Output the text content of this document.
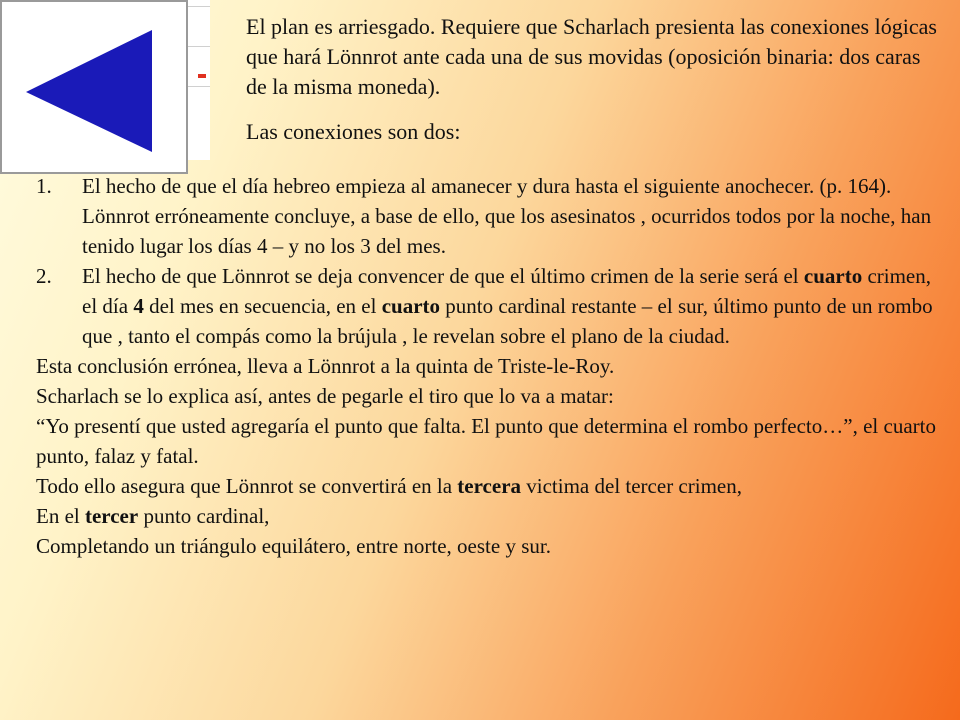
El plan es arriesgado. Requiere que Scharlach presienta las conexiones lógicas que hará Lönnrot ante cada una de sus movidas (oposición binaria: dos caras de la misma moneda).

Las conexiones son dos:

1. El hecho de que el día hebreo empieza al amanecer y dura hasta el siguiente anochecer. (p. 164). Lönnrot erróneamente concluye, a base de ello, que los asesinatos , ocurridos todos por la noche, han tenido lugar los días 4 – y no los 3 del mes.
2. El hecho de que Lönnrot se deja convencer de que el último crimen de la serie será el cuarto crimen, el día 4 del mes en secuencia, en el cuarto punto cardinal restante – el sur, último punto de un rombo que , tanto el compás como la brújula , le revelan sobre el plano de la ciudad.

Esta conclusión errónea, lleva a Lönnrot a la quinta de Triste-le-Roy.

Scharlach se lo explica así, antes de pegarle el tiro que lo va a matar:

“Yo presentí que usted agregaría el punto que falta. El punto que determina el rombo perfecto…”, el cuarto punto, falaz y fatal.

Todo ello asegura que Lönnrot se convertirá en la tercera victima del tercer crimen,

En el tercer punto cardinal,

Completando un triángulo equilátero, entre norte, oeste y sur.
